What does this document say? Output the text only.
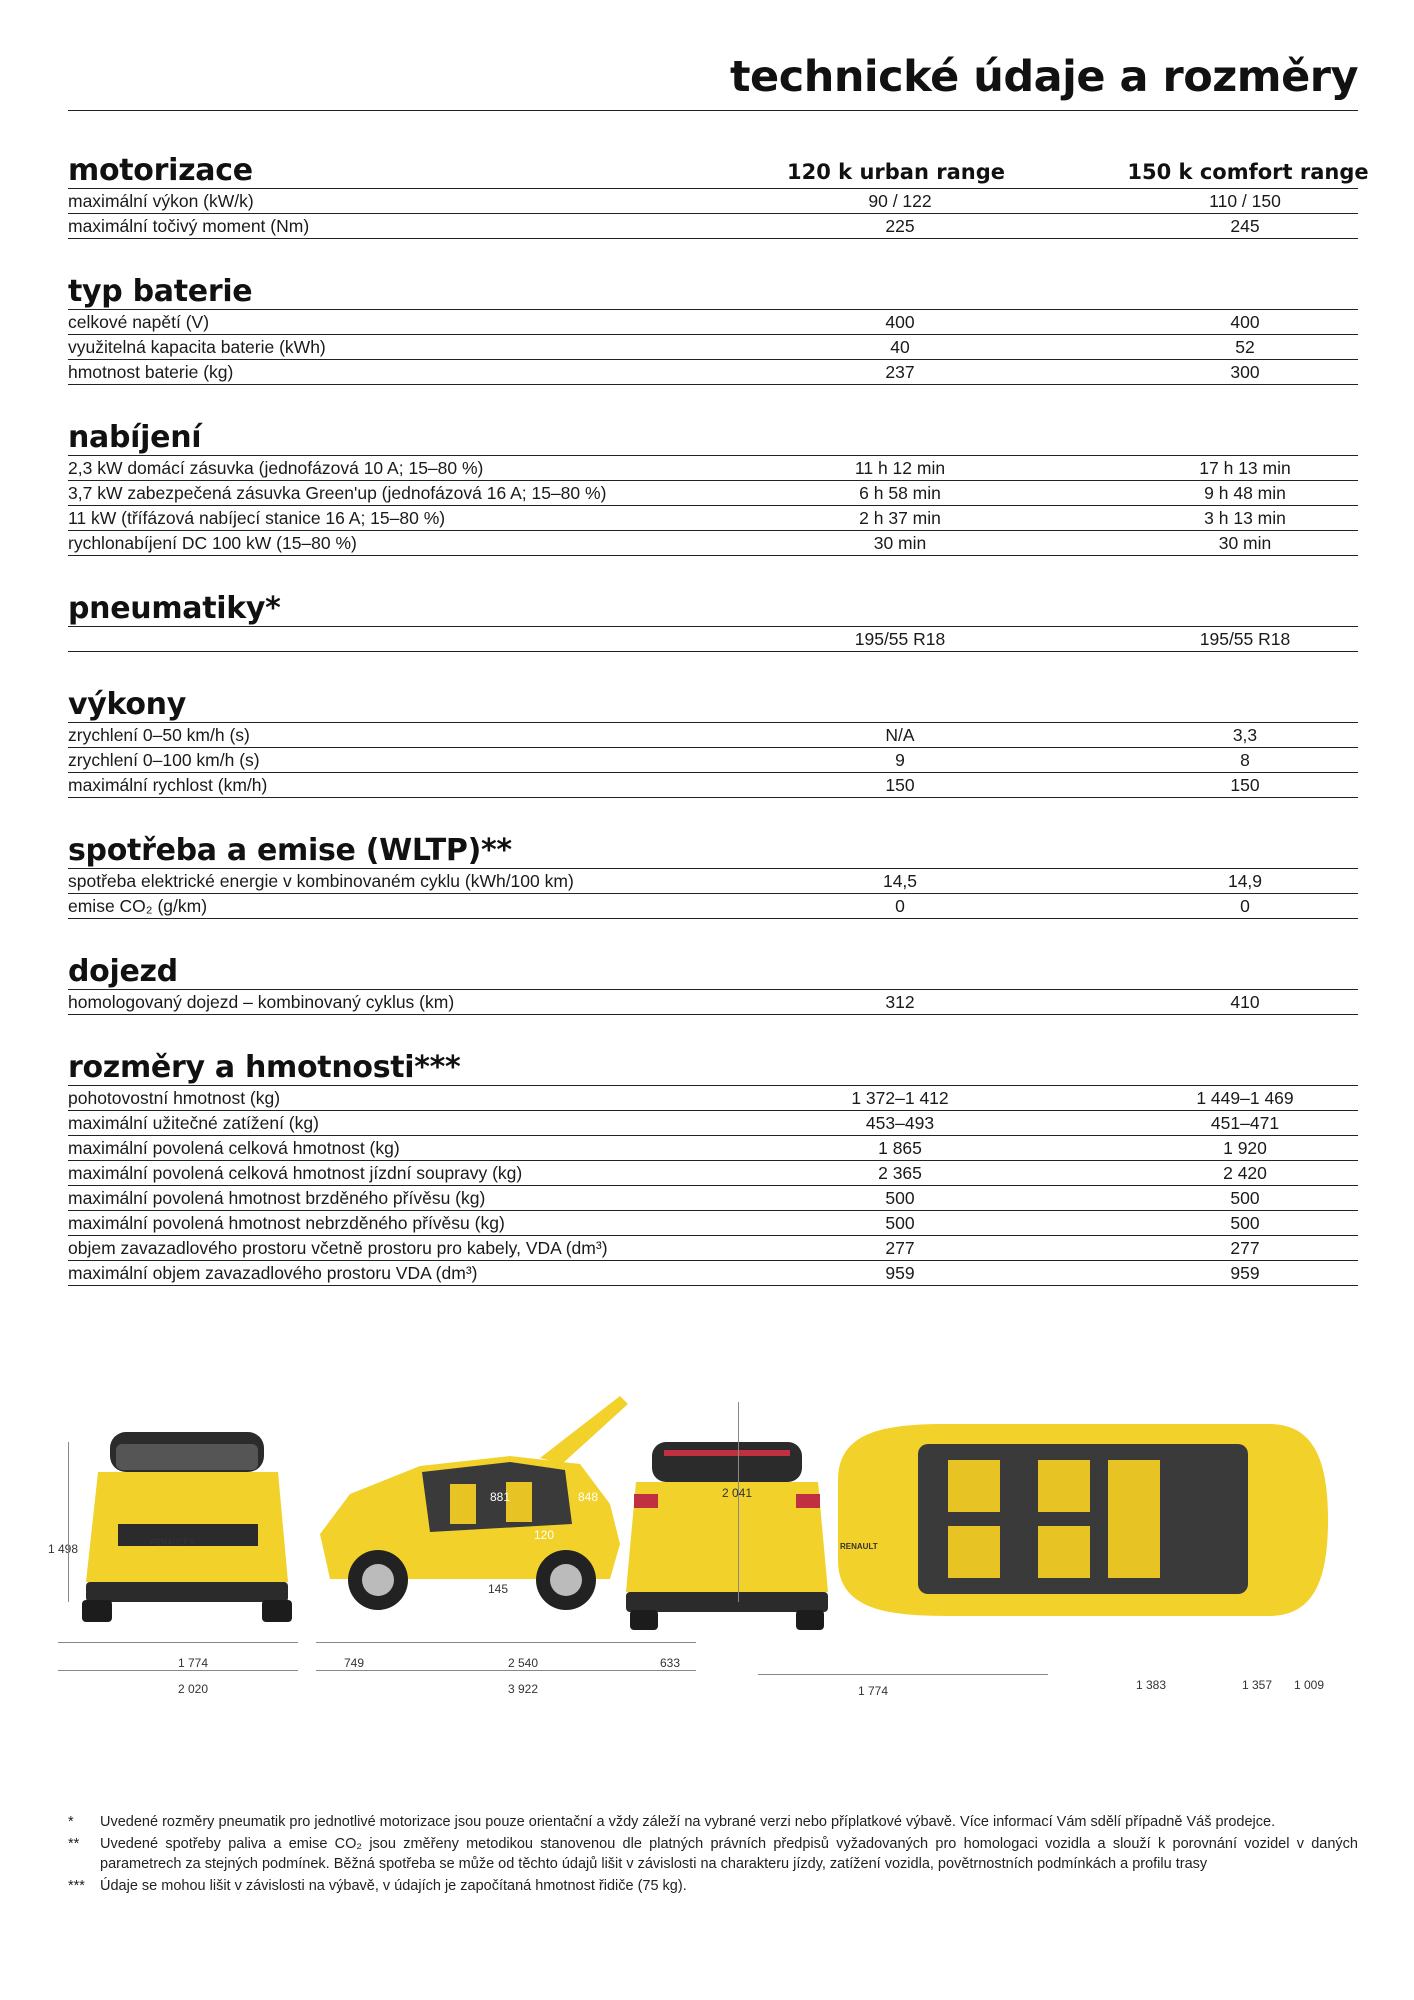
technické údaje a rozměry
motorizace	120 k urban range	150 k comfort range
maximální výkon (kW/k)	90 / 122	110 / 150
maximální točivý moment (Nm)	225	245
typ baterie
celkové napětí (V)	400	400
využitelná kapacita baterie (kWh)	40	52
hmotnost baterie (kg)	237	300
nabíjení
2,3 kW domácí zásuvka (jednofázová 10 A; 15–80 %)	11 h 12 min	17 h 13 min
3,7 kW zabezpečená zásuvka Green'up (jednofázová 16 A; 15–80 %)	6 h 58 min	9 h 48 min
11 kW (třífázová nabíjecí stanice 16 A; 15–80 %)	2 h 37 min	3 h 13 min
rychlonabíjení DC 100 kW (15–80 %)	30 min	30 min
pneumatiky*
195/55 R18	195/55 R18
výkony
zrychlení 0–50 km/h (s)	N/A	3,3
zrychlení 0–100 km/h (s)	9	8
maximální rychlost (km/h)	150	150
spotřeba a emise (WLTP)**
spotřeba elektrické energie v kombinovaném cyklu (kWh/100 km)	14,5	14,9
emise CO₂ (g/km)	0	0
dojezd
homologovaný dojezd – kombinovaný cyklus (km)	312	410
rozměry a hmotnosti***
pohotovostní hmotnost (kg)	1 372–1 412	1 449–1 469
maximální užitečné zatížení (kg)	453–493	451–471
maximální povolená celková hmotnost (kg)	1 865	1 920
maximální povolená celková hmotnost jízdní soupravy (kg)	2 365	2 420
maximální povolená hmotnost brzděného přívěsu (kg)	500	500
maximální povolená hmotnost nebrzděného přívěsu (kg)	500	500
objem zavazadlového prostoru včetně prostoru pro kabely, VDA (dm³)	277	277
maximální objem zavazadlového prostoru VDA (dm³)	959	959
1 498
1 774
2 020
881	848
120
145
749	2 540	633
3 922
2 041
1 774	1 383	1 357 1 009
RENAULT 5	RENAULT
*	Uvedené rozměry pneumatik pro jednotlivé motorizace jsou pouze orientační a vždy záleží na vybrané verzi nebo příplatkové výbavě. Více informací Vám sdělí případně Váš prodejce.
**	Uvedené spotřeby paliva a emise CO₂ jsou změřeny metodikou stanovenou dle platných právních předpisů vyžadovaných pro homologaci vozidla a slouží k porovnání vozidel v daných parametrech za stejných podmínek. Běžná spotřeba se může od těchto údajů lišit v závislosti na charakteru jízdy, zatížení vozidla, povětrnostních podmínkách a profilu trasy
***	Údaje se mohou lišit v závislosti na výbavě, v údajích je započítaná hmotnost řidiče (75 kg).
